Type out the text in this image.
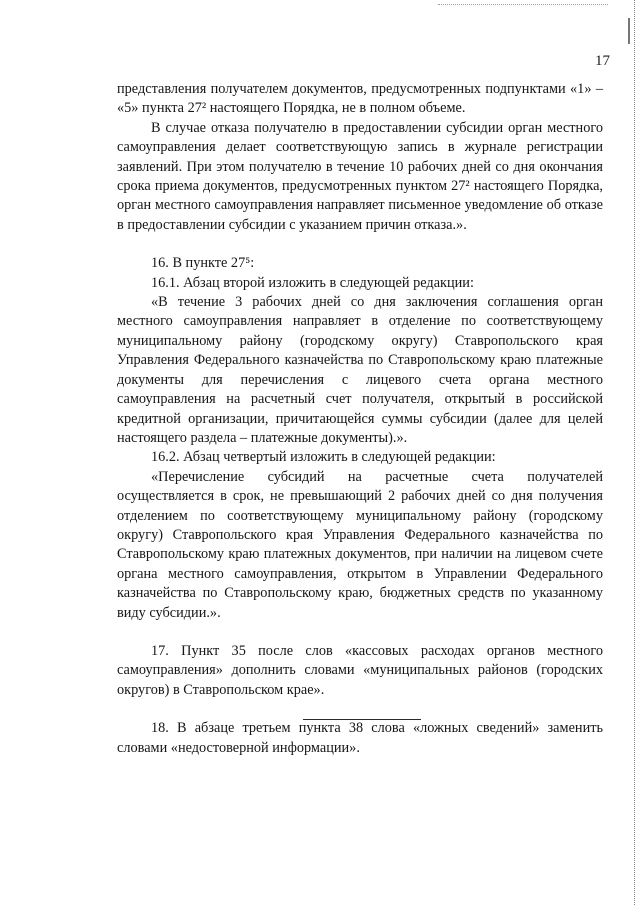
17

представления получателем документов, предусмотренных подпунктами «1» – «5» пункта 27² настоящего Порядка, не в полном объеме.

В случае отказа получателю в предоставлении субсидии орган местного самоуправления делает соответствующую запись в журнале регистрации заявлений. При этом получателю в течение 10 рабочих дней со дня окончания срока приема документов, предусмотренных пунктом 27² настоящего Порядка, орган местного самоуправления направляет письменное уведомление об отказе в предоставлении субсидии с указанием причин отказа.».

16. В пункте 27⁵:

16.1. Абзац второй изложить в следующей редакции:

«В течение 3 рабочих дней со дня заключения соглашения орган местного самоуправления направляет в отделение по соответствующему муниципальному району (городскому округу) Ставропольского края Управления Федерального казначейства по Ставропольскому краю платежные документы для перечисления с лицевого счета органа местного самоуправления на расчетный счет получателя, открытый в российской кредитной организации, причитающейся суммы субсидии (далее для целей настоящего раздела – платежные документы).».

16.2. Абзац четвертый изложить в следующей редакции:

«Перечисление субсидий на расчетные счета получателей осуществляется в срок, не превышающий 2 рабочих дней со дня получения отделением по соответствующему муниципальному району (городскому округу) Ставропольского края Управления Федерального казначейства по Ставропольскому краю платежных документов, при наличии на лицевом счете органа местного самоуправления, открытом в Управлении Федерального казначейства по Ставропольскому краю, бюджетных средств по указанному виду субсидии.».

17. Пункт 35 после слов «кассовых расходах органов местного самоуправления» дополнить словами «муниципальных районов (городских округов) в Ставропольском крае».

18. В абзаце третьем пункта 38 слова «ложных сведений» заменить словами «недостоверной информации».
